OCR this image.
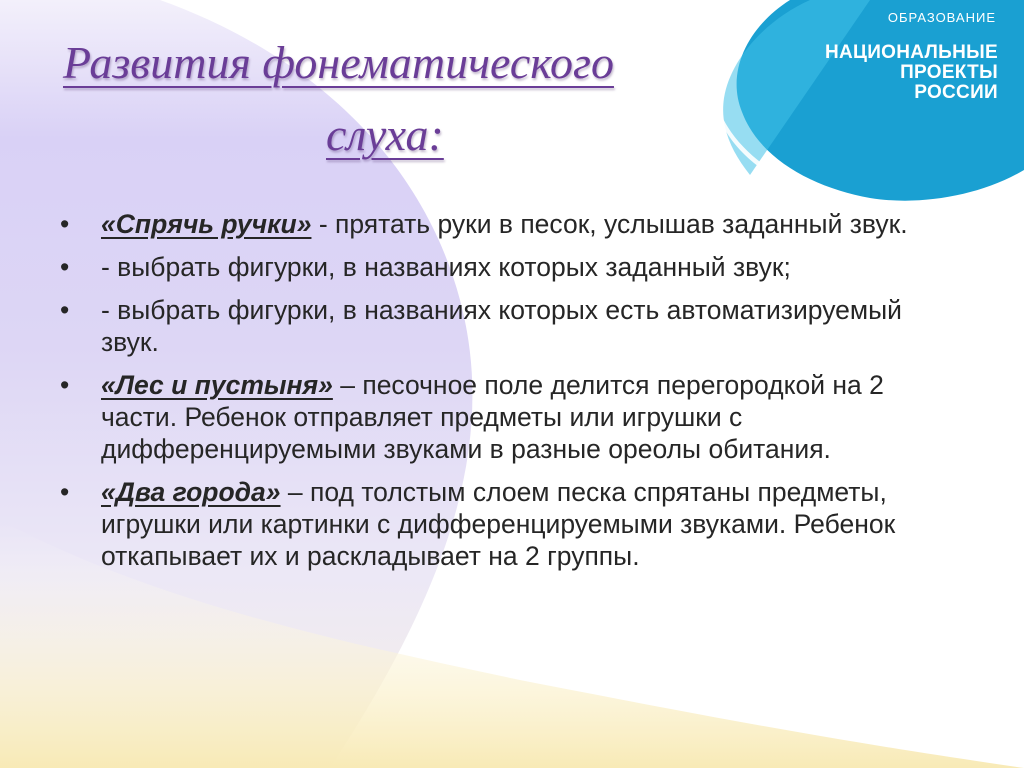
ОБРАЗОВАНИЕ
НАЦИОНАЛЬНЫЕ
ПРОЕКТЫ
РОССИИ
Развития фонематического
слуха:
•	«Спрячь ручки» - прятать руки в песок, услышав заданный звук.
•	- выбрать фигурки, в названиях которых заданный звук;
•	- выбрать фигурки, в названиях которых есть автоматизируемый звук.
•	«Лес и пустыня» – песочное поле делится перегородкой на 2 части. Ребенок отправляет предметы или игрушки с дифференцируемыми звуками в разные ореолы обитания.
•	«Два города» – под толстым слоем песка спрятаны предметы, игрушки или картинки с дифференцируемыми звуками. Ребенок откапывает их и раскладывает на 2 группы.
